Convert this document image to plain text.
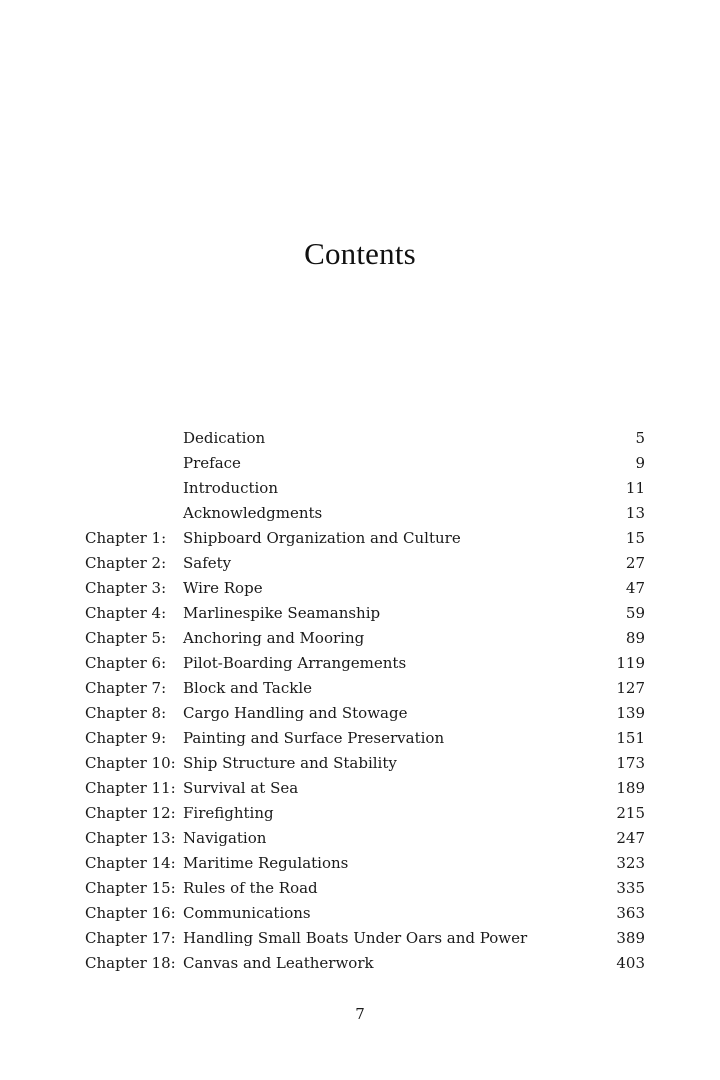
Contents
Dedication	5
Preface	9
Introduction	11
Acknowledgments	13
Chapter 1: Shipboard Organization and Culture	15
Chapter 2: Safety	27
Chapter 3: Wire Rope	47
Chapter 4: Marlinespike Seamanship	59
Chapter 5: Anchoring and Mooring	89
Chapter 6: Pilot-Boarding Arrangements	119
Chapter 7: Block and Tackle	127
Chapter 8: Cargo Handling and Stowage	139
Chapter 9: Painting and Surface Preservation	151
Chapter 10: Ship Structure and Stability	173
Chapter 11: Survival at Sea	189
Chapter 12: Firefighting	215
Chapter 13: Navigation	247
Chapter 14: Maritime Regulations	323
Chapter 15: Rules of the Road	335
Chapter 16: Communications	363
Chapter 17: Handling Small Boats Under Oars and Power	389
Chapter 18: Canvas and Leatherwork	403
7
